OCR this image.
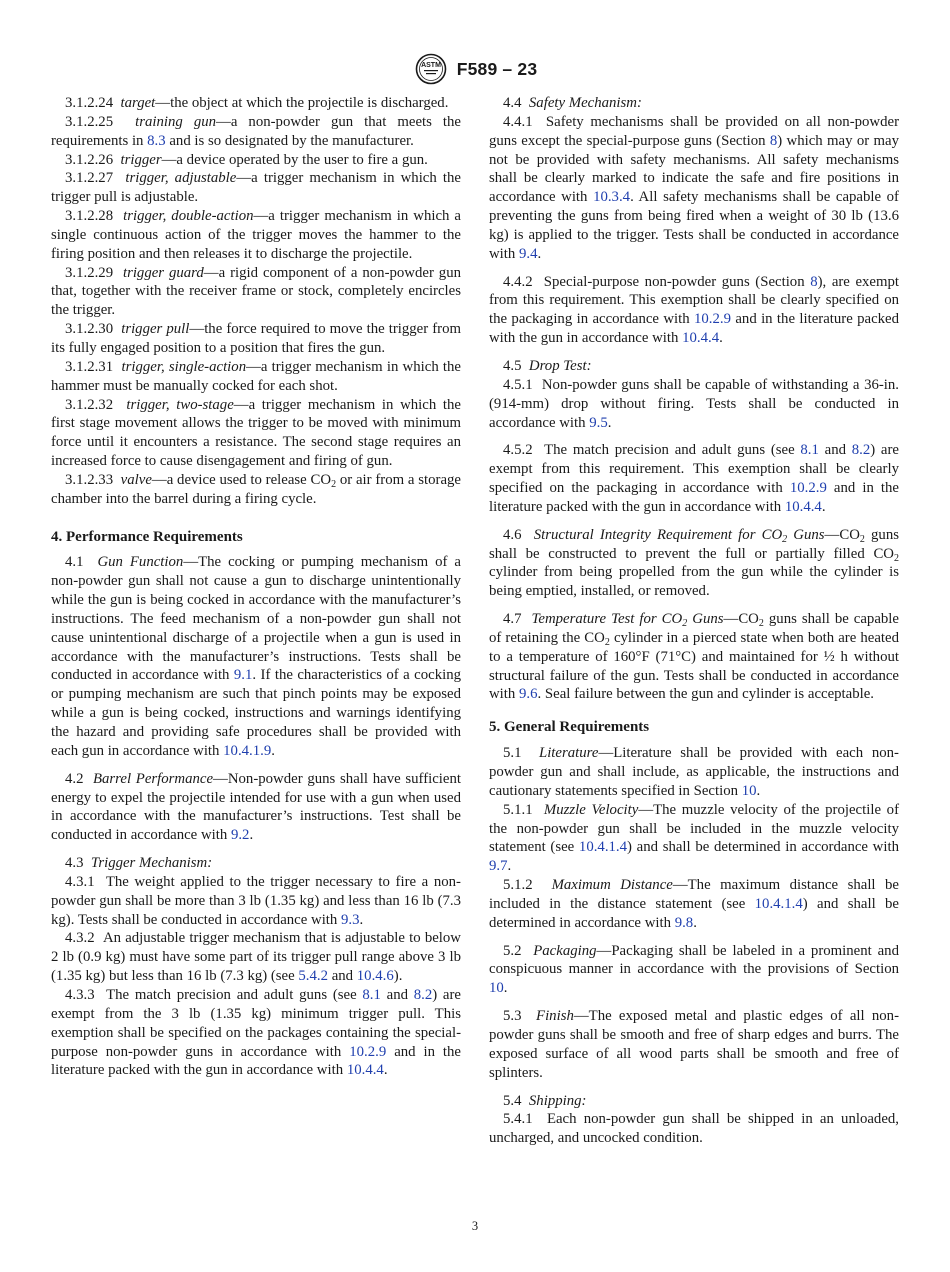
ASTM F589 – 23

3.1.2.24 target—the object at which the projectile is discharged.

3.1.2.25 training gun—a non-powder gun that meets the requirements in 8.3 and is so designated by the manufacturer.

3.1.2.26 trigger—a device operated by the user to fire a gun.

3.1.2.27 trigger, adjustable—a trigger mechanism in which the trigger pull is adjustable.

3.1.2.28 trigger, double-action—a trigger mechanism in which a single continuous action of the trigger moves the hammer to the firing position and then releases it to discharge the projectile.

3.1.2.29 trigger guard—a rigid component of a non-powder gun that, together with the receiver frame or stock, completely encircles the trigger.

3.1.2.30 trigger pull—the force required to move the trigger from its fully engaged position to a position that fires the gun.

3.1.2.31 trigger, single-action—a trigger mechanism in which the hammer must be manually cocked for each shot.

3.1.2.32 trigger, two-stage—a trigger mechanism in which the first stage movement allows the trigger to be moved with minimum force until it encounters a resistance. The second stage requires an increased force to cause disengagement and firing of gun.

3.1.2.33 valve—a device used to release $CO_2$ or air from a storage chamber into the barrel during a firing cycle.

4. Performance Requirements

4.1 Gun Function—The cocking or pumping mechanism of a non-powder gun shall not cause a gun to discharge unintentionally while the gun is being cocked in accordance with the manufacturer’s instructions. The feed mechanism of a non-powder gun shall not cause unintentional discharge of a projectile when a gun is used in accordance with the manufacturer’s instructions. Tests shall be conducted in accordance with 9.1. If the characteristics of a cocking or pumping mechanism are such that pinch points may be exposed while a gun is being cocked, instructions and warnings identifying the hazard and providing safe procedures shall be provided with each gun in accordance with 10.4.1.9.

4.2 Barrel Performance—Non-powder guns shall have sufficient energy to expel the projectile intended for use with a gun when used in accordance with the manufacturer’s instructions. Test shall be conducted in accordance with 9.2.

4.3 Trigger Mechanism:

4.3.1 The weight applied to the trigger necessary to fire a non-powder gun shall be more than 3 lb (1.35 kg) and less than 16 lb (7.3 kg). Tests shall be conducted in accordance with 9.3.

4.3.2 An adjustable trigger mechanism that is adjustable to below 2 lb (0.9 kg) must have some part of its trigger pull range above 3 lb (1.35 kg) but less than 16 lb (7.3 kg) (see 5.4.2 and 10.4.6).

4.3.3 The match precision and adult guns (see 8.1 and 8.2) are exempt from the 3 lb (1.35 kg) minimum trigger pull. This exemption shall be specified on the packages containing the special-purpose non-powder guns in accordance with 10.2.9 and in the literature packed with the gun in accordance with 10.4.4.

4.4 Safety Mechanism:

4.4.1 Safety mechanisms shall be provided on all non-powder guns except the special-purpose guns (Section 8) which may or may not be provided with safety mechanisms. All safety mechanisms shall be clearly marked to indicate the safe and fire positions in accordance with 10.3.4. All safety mechanisms shall be capable of preventing the guns from being fired when a weight of 30 lb (13.6 kg) is applied to the trigger. Tests shall be conducted in accordance with 9.4.

4.4.2 Special-purpose non-powder guns (Section 8), are exempt from this requirement. This exemption shall be clearly specified on the packaging in accordance with 10.2.9 and in the literature packed with the gun in accordance with 10.4.4.

4.5 Drop Test:

4.5.1 Non-powder guns shall be capable of withstanding a 36-in. (914-mm) drop without firing. Tests shall be conducted in accordance with 9.5.

4.5.2 The match precision and adult guns (see 8.1 and 8.2) are exempt from this requirement. This exemption shall be clearly specified on the packaging in accordance with 10.2.9 and in the literature packed with the gun in accordance with 10.4.4.

4.6 Structural Integrity Requirement for $CO_2$ $Guns—CO_2$ guns shall be constructed to prevent the full or partially filled $CO_2$ cylinder from being propelled from the gun while the cylinder is being emptied, installed, or removed.

4.7 Temperature Test for $CO_2$ $Guns—CO_2$ guns shall be capable of retaining the $CO_2$ cylinder in a pierced state when both are heated to a temperature of 160°F (71°C) and maintained for ½ h without structural failure of the gun. Tests shall be conducted in accordance with 9.6. Seal failure between the gun and cylinder is acceptable.

5. General Requirements

5.1 Literature—Literature shall be provided with each non-powder gun and shall include, as applicable, the instructions and cautionary statements specified in Section 10.

5.1.1 Muzzle Velocity—The muzzle velocity of the projectile of the non-powder gun shall be included in the muzzle velocity statement (see 10.4.1.4) and shall be determined in accordance with 9.7.

5.1.2 Maximum Distance—The maximum distance shall be included in the distance statement (see 10.4.1.4) and shall be determined in accordance with 9.8.

5.2 Packaging—Packaging shall be labeled in a prominent and conspicuous manner in accordance with the provisions of Section 10.

5.3 Finish—The exposed metal and plastic edges of all non-powder guns shall be smooth and free of sharp edges and burrs. The exposed surface of all wood parts shall be smooth and free of splinters.

5.4 Shipping:

5.4.1 Each non-powder gun shall be shipped in an unloaded, uncharged, and uncocked condition.

3
